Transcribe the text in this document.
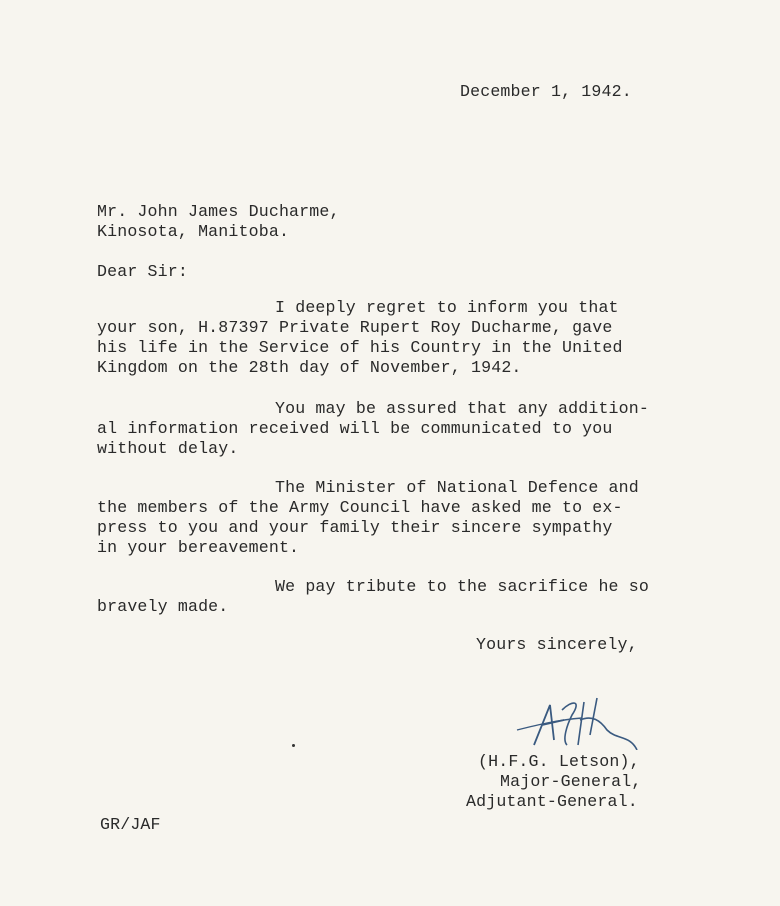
December 1, 1942.
Mr. John James Ducharme,
Kinosota, Manitoba.
Dear Sir:
I deeply regret to inform you that
your son, H.87397 Private Rupert Roy Ducharme, gave
his life in the Service of his Country in the United
Kingdom on the 28th day of November, 1942.
You may be assured that any addition-
al information received will be communicated to you
without delay.
The Minister of National Defence and
the members of the Army Council have asked me to ex-
press to you and your family their sincere sympathy
in your bereavement.
We pay tribute to the sacrifice he so
bravely made.
Yours sincerely,
(H.F.G. Letson),
Major-General,
Adjutant-General.
GR/JAF
